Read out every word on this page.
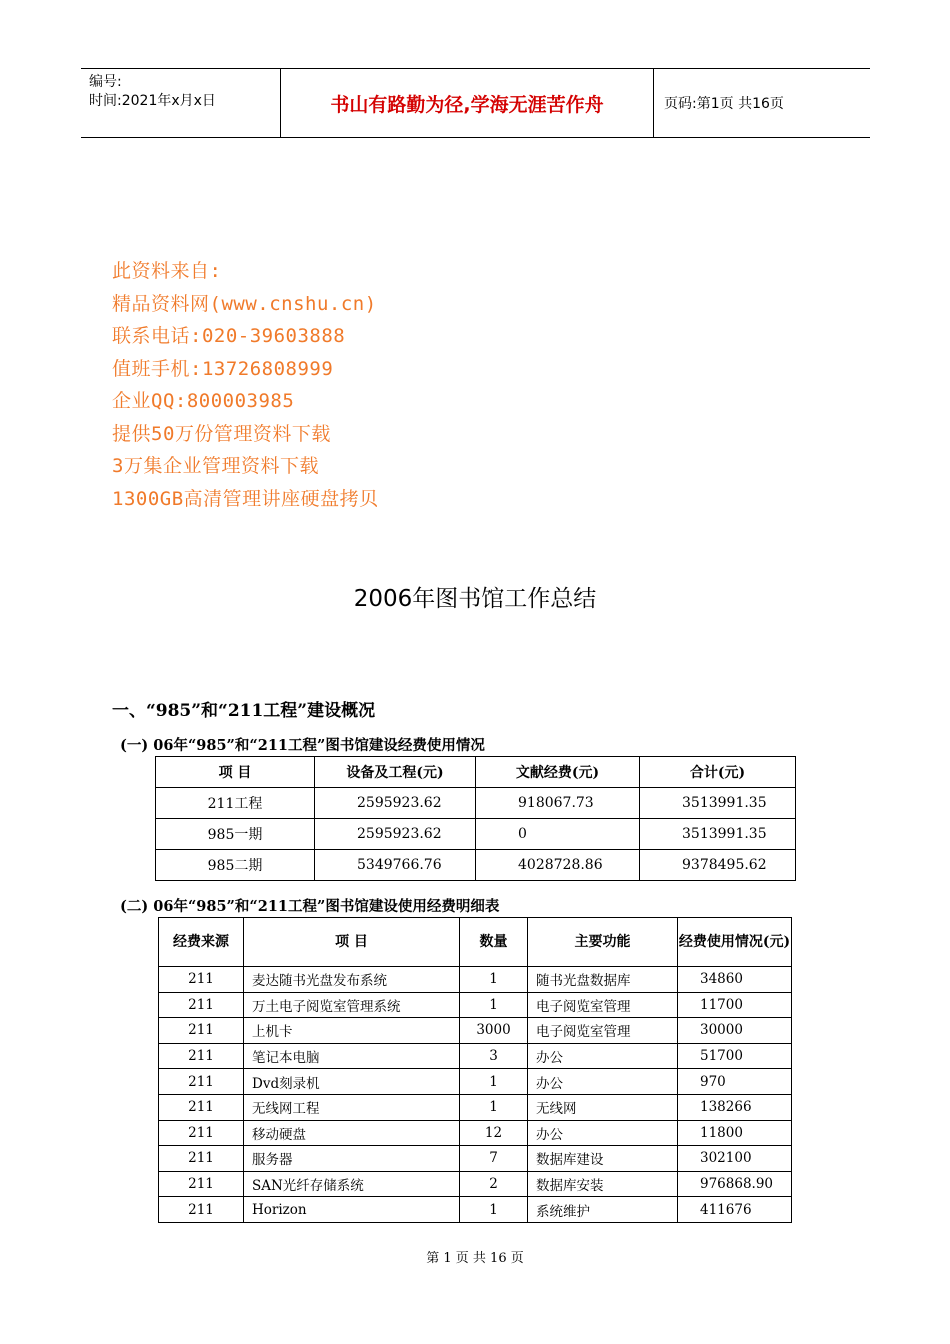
编号:
时间:2021年x月x日	书山有路勤为径,学海无涯苦作舟	页码:第1页 共16页
此资料来自:
精品资料网(www.cnshu.cn)
联系电话:020-39603888
值班手机:13726808999
企业QQ:800003985
提供50万份管理资料下载
3万集企业管理资料下载
1300GB高清管理讲座硬盘拷贝
2006年图书馆工作总结
一、“985”和“211工程”建设概况
(一) 06年“985”和“211工程”图书馆建设经费使用情况
项 目	设备及工程(元)	文献经费(元)	合计(元)
211工程	2595923.62	918067.73	3513991.35
985一期	2595923.62	0	3513991.35
985二期	5349766.76	4028728.86	9378495.62
(二) 06年“985”和“211工程”图书馆建设使用经费明细表
经费来源	项 目	数量	主要功能	经费使用情况(元)
211	麦达随书光盘发布系统	1	随书光盘数据库	34860
211	万土电子阅览室管理系统	1	电子阅览室管理	11700
211	上机卡	3000	电子阅览室管理	30000
211	笔记本电脑	3	办公	51700
211	Dvd刻录机	1	办公	970
211	无线网工程	1	无线网	138266
211	移动硬盘	12	办公	11800
211	服务器	7	数据库建设	302100
211	SAN光纤存储系统	2	数据库安装	976868.90
211	Horizon	1	系统维护	411676
第 1 页 共 16 页
